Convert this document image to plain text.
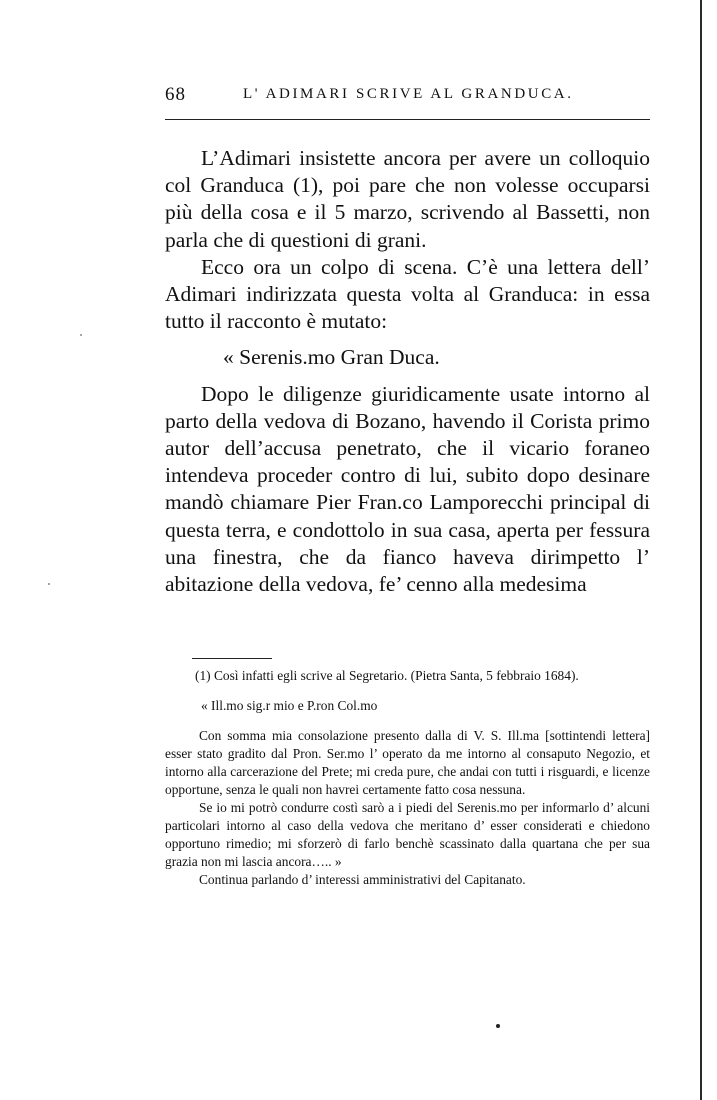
68	L' ADIMARI SCRIVE AL GRANDUCA.

L’Adimari insistette ancora per avere un colloquio col Granduca (1), poi pare che non volesse occuparsi più della cosa e il 5 marzo, scrivendo al Bassetti, non parla che di questioni di grani.

Ecco ora un colpo di scena. C’è una lettera dell’ Adimari indirizzata questa volta al Granduca: in essa tutto il racconto è mutato:

« Serenis.mo Gran Duca.

Dopo le diligenze giuridicamente usate intorno al parto della vedova di Bozano, havendo il Corista primo autor dell’accusa penetrato, che il vicario foraneo intendeva proceder contro di lui, subito dopo desinare mandò chiamare Pier Fran.co Lamporecchi principal di questa terra, e condottolo in sua casa, aperta per fessura una finestra, che da fianco haveva dirimpetto l’ abitazione della vedova, fe’ cenno alla medesima

(1) Così infatti egli scrive al Segretario. (Pietra Santa, 5 febbraio 1684).

« Ill.mo sig.r mio e P.ron Col.mo

Con somma mia consolazione presento dalla di V. S. Ill.ma [sottintendi lettera] esser stato gradito dal Pron. Ser.mo l’ operato da me intorno al consaputo Negozio, et intorno alla carcerazione del Prete; mi creda pure, che andai con tutti i risguardi, e licenze opportune, senza le quali non havrei certamente fatto cosa nessuna.

Se io mi potrò condurre costì sarò a i piedi del Serenis.mo per informarlo d’ alcuni particolari intorno al caso della vedova che meritano d’ esser considerati e chiedono opportuno rimedio; mi sforzerò di farlo benchè scassinato dalla quartana che per sua grazia non mi lascia ancora….. »

Continua parlando d’ interessi amministrativi del Capitanato.
